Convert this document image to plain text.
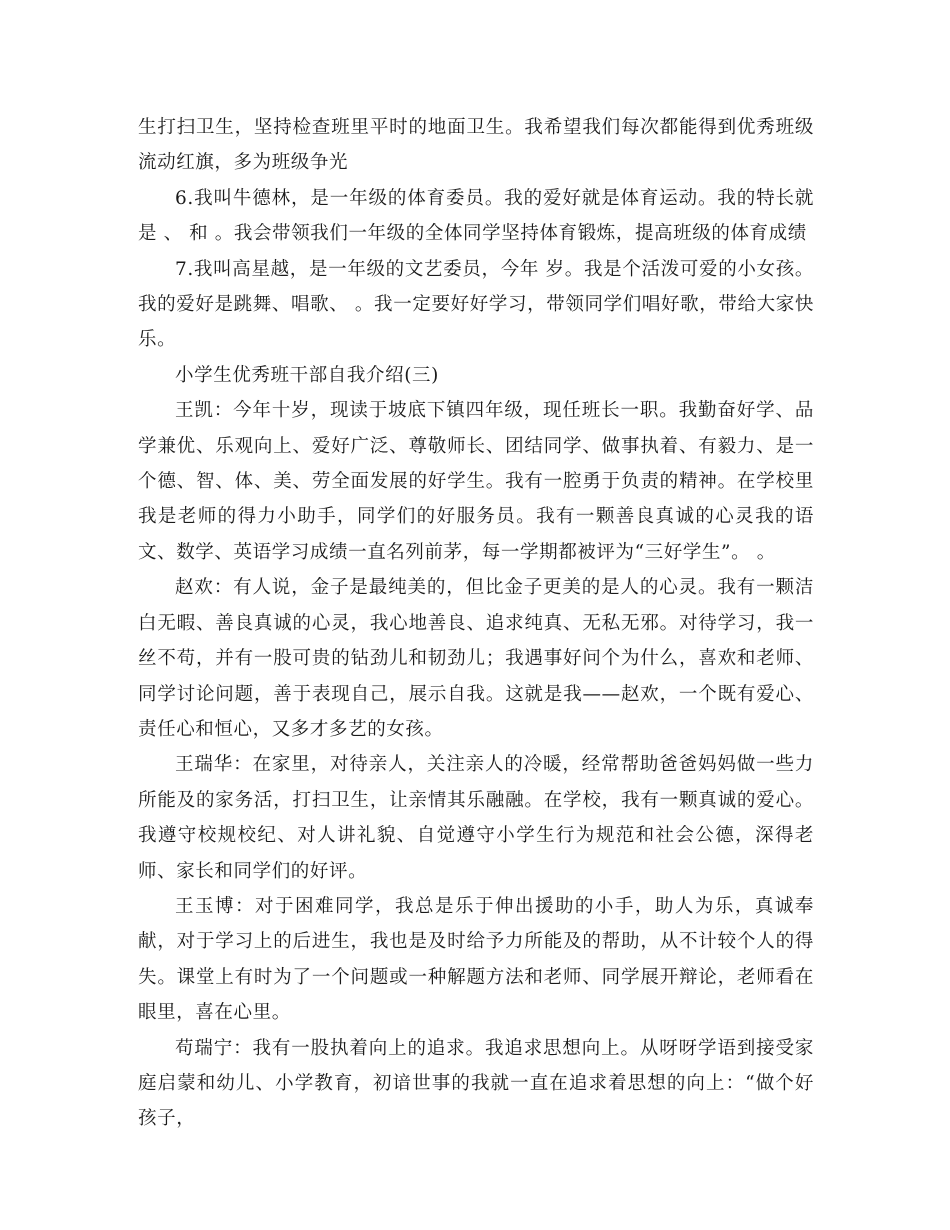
生打扫卫生，坚持检查班里平时的地面卫生。我希望我们每次都能得到优秀班级流动红旗，多为班级争光

6.我叫牛德林，是一年级的体育委员。我的爱好就是体育运动。我的特长就是 、 和 。我会带领我们一年级的全体同学坚持体育锻炼，提高班级的体育成绩

7.我叫高星越，是一年级的文艺委员，今年 岁。我是个活泼可爱的小女孩。我的爱好是跳舞、唱歌、 。我一定要好好学习，带领同学们唱好歌，带给大家快乐。

小学生优秀班干部自我介绍(三)

王凯：今年十岁，现读于坡底下镇四年级，现任班长一职。我勤奋好学、品学兼优、乐观向上、爱好广泛、尊敬师长、团结同学、做事执着、有毅力、是一个德、智、体、美、劳全面发展的好学生。我有一腔勇于负责的精神。在学校里我是老师的得力小助手，同学们的好服务员。我有一颗善良真诚的心灵我的语文、数学、英语学习成绩一直名列前茅，每一学期都被评为“三好学生”。 。

赵欢：有人说，金子是最纯美的，但比金子更美的是人的心灵。我有一颗洁白无暇、善良真诚的心灵，我心地善良、追求纯真、无私无邪。对待学习，我一丝不苟，并有一股可贵的钻劲儿和韧劲儿；我遇事好问个为什么，喜欢和老师、同学讨论问题，善于表现自己，展示自我。这就是我——赵欢，一个既有爱心、责任心和恒心，又多才多艺的女孩。

王瑞华：在家里，对待亲人，关注亲人的冷暖，经常帮助爸爸妈妈做一些力所能及的家务活，打扫卫生，让亲情其乐融融。在学校，我有一颗真诚的爱心。我遵守校规校纪、对人讲礼貌、自觉遵守小学生行为规范和社会公德，深得老师、家长和同学们的好评。

王玉博：对于困难同学，我总是乐于伸出援助的小手，助人为乐，真诚奉献，对于学习上的后进生，我也是及时给予力所能及的帮助，从不计较个人的得失。课堂上有时为了一个问题或一种解题方法和老师、同学展开辩论，老师看在眼里，喜在心里。

苟瑞宁：我有一股执着向上的追求。我追求思想向上。从呀呀学语到接受家庭启蒙和幼儿、小学教育，初谙世事的我就一直在追求着思想的向上：“做个好孩子，
